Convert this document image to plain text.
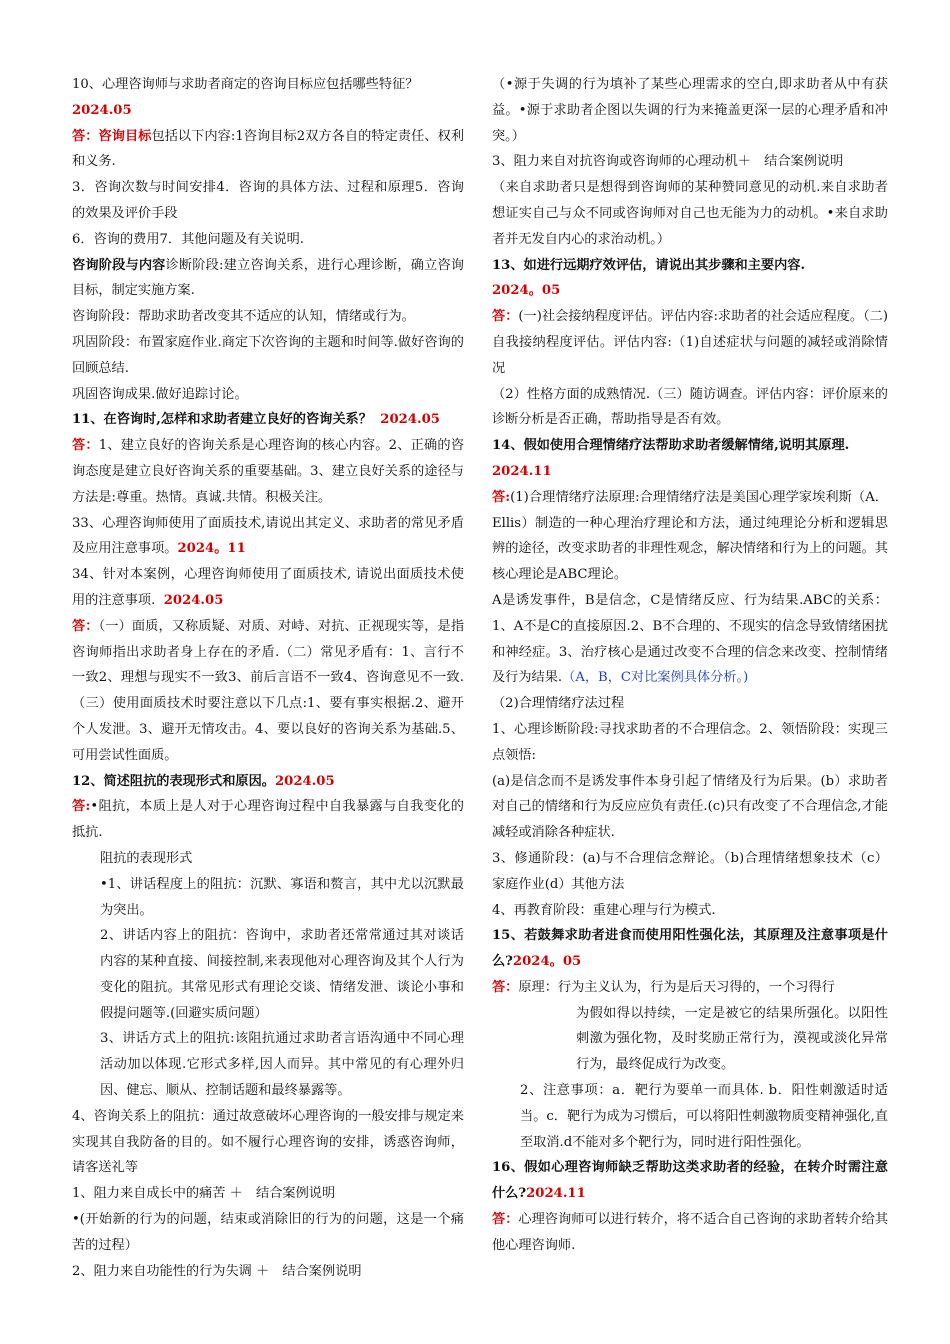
10、心理咨询师与求助者商定的咨询目标应包括哪些特征？

2024.05

答：咨询目标包括以下内容:1咨询目标2双方各自的特定责任、权利和义务.

3．咨询次数与时间安排4．咨询的具体方法、过程和原理5．咨询的效果及评价手段

6．咨询的费用7．其他问题及有关说明.

咨询阶段与内容诊断阶段:建立咨询关系，进行心理诊断，确立咨询目标，制定实施方案.

咨询阶段：帮助求助者改变其不适应的认知，情绪或行为。

巩固阶段：布置家庭作业.商定下次咨询的主题和时间等.做好咨询的回顾总结.

巩固咨询成果.做好追踪讨论。

11、在咨询时,怎样和求助者建立良好的咨询关系？ 2024.05

答：1、建立良好的咨询关系是心理咨询的核心内容。2、正确的咨询态度是建立良好咨询关系的重要基础。3、建立良好关系的途径与方法是:尊重。热情。真诚.共情。积极关注。

33、心理咨询师使用了面质技术,请说出其定义、求助者的常见矛盾及应用注意事项。2024。11

34、针对本案例，心理咨询师使用了面质技术, 请说出面质技术使用的注意事项. 2024.05

答：（一）面质，又称质疑、对质、对峙、对抗、正视现实等，是指咨询师指出求助者身上存在的矛盾.（二）常见矛盾有：1、言行不一致2、理想与现实不一致3、前后言语不一致4、咨询意见不一致.（三）使用面质技术时要注意以下几点:1、要有事实根据.2、避开个人发泄。3、避开无情攻击。4、要以良好的咨询关系为基础.5、可用尝试性面质。

12、简述阻抗的表现形式和原因。2024.05

答:•阻抗，本质上是人对于心理咨询过程中自我暴露与自我变化的抵抗.

阻抗的表现形式

•1、讲话程度上的阻抗：沉默、寡语和赘言，其中尤以沉默最为突出。

2、讲话内容上的阻抗：咨询中，求助者还常常通过其对谈话内容的某种直接、间接控制,来表现他对心理咨询及其个人行为变化的阻抗。其常见形式有理论交谈、情绪发泄、谈论小事和假提问题等.(回避实质问题）

3、讲话方式上的阻抗:该阻抗通过求助者言语沟通中不同心理活动加以体现.它形式多样,因人而异。其中常见的有心理外归因、健忘、顺从、控制话题和最终暴露等。

4、咨询关系上的阻抗：通过故意破坏心理咨询的一般安排与规定来实现其自我防备的目的。如不履行心理咨询的安排，诱惑咨询师，请客送礼等

1、阻力来自成长中的痛苦 ＋　结合案例说明

•(开始新的行为的问题，结束或消除旧的行为的问题，这是一个痛苦的过程）

2、阻力来自功能性的行为失调 ＋　结合案例说明

（•源于失调的行为填补了某些心理需求的空白,即求助者从中有获益。•源于求助者企图以失调的行为来掩盖更深一层的心理矛盾和冲突。）

3、阻力来自对抗咨询或咨询师的心理动机＋　结合案例说明

（来自求助者只是想得到咨询师的某种赞同意见的动机.来自求助者想证实自己与众不同或咨询师对自己也无能为力的动机。•来自求助者并无发自内心的求治动机。）

13、如进行远期疗效评估，请说出其步骤和主要内容.

2024。05

答：(一)社会接纳程度评估。评估内容:求助者的社会适应程度。（二)自我接纳程度评估。评估内容:（1)自述症状与问题的减轻或消除情况

（2）性格方面的成熟情况.（三）随访调查。评估内容：评价原来的诊断分析是否正确，帮助指导是否有效。

14、假如使用合理情绪疗法帮助求助者缓解情绪,说明其原理.

2024.11

答:(1)合理情绪疗法原理:合理情绪疗法是美国心理学家埃利斯（A．Ellis）制造的一种心理治疗理论和方法，通过纯理论分析和逻辑思辨的途径，改变求助者的非理性观念，解决情绪和行为上的问题。其核心理论是ABC理论。

A是诱发事件，B是信念，C是情绪反应、行为结果.ABC的关系：1、A不是C的直接原因.2、B不合理的、不现实的信念导致情绪困扰和神经症。3、治疗核心是通过改变不合理的信念来改变、控制情绪及行为结果.（A，B，C对比案例具体分析。)

（2)合理情绪疗法过程

1、心理诊断阶段:寻找求助者的不合理信念。2、领悟阶段：实现三点领悟:

(a)是信念而不是诱发事件本身引起了情绪及行为后果。(b）求助者对自己的情绪和行为反应应负有责任.(c)只有改变了不合理信念,才能减轻或消除各种症状.

3、修通阶段：(a)与不合理信念辩论。（b)合理情绪想象技术（c）家庭作业(d）其他方法

4、再教育阶段：重建心理与行为模式.

15、若鼓舞求助者进食而使用阳性强化法，其原理及注意事项是什么?2024。05

答：原理：行为主义认为，行为是后天习得的，一个习得行

为假如得以持续，一定是被它的结果所强化。以阳性刺激为强化物，及时奖励正常行为，漠视或淡化异常行为，最终促成行为改变。

2、注意事项：a．靶行为要单一而具体. b．阳性刺激适时适当。c．靶行为成为习惯后，可以将阳性刺激物质变精神强化,直至取消.d不能对多个靶行为，同时进行阳性强化。

16、假如心理咨询师缺乏帮助这类求助者的经验，在转介时需注意什么?2024.11

答：心理咨询师可以进行转介，将不适合自己咨询的求助者转介给其他心理咨询师.
